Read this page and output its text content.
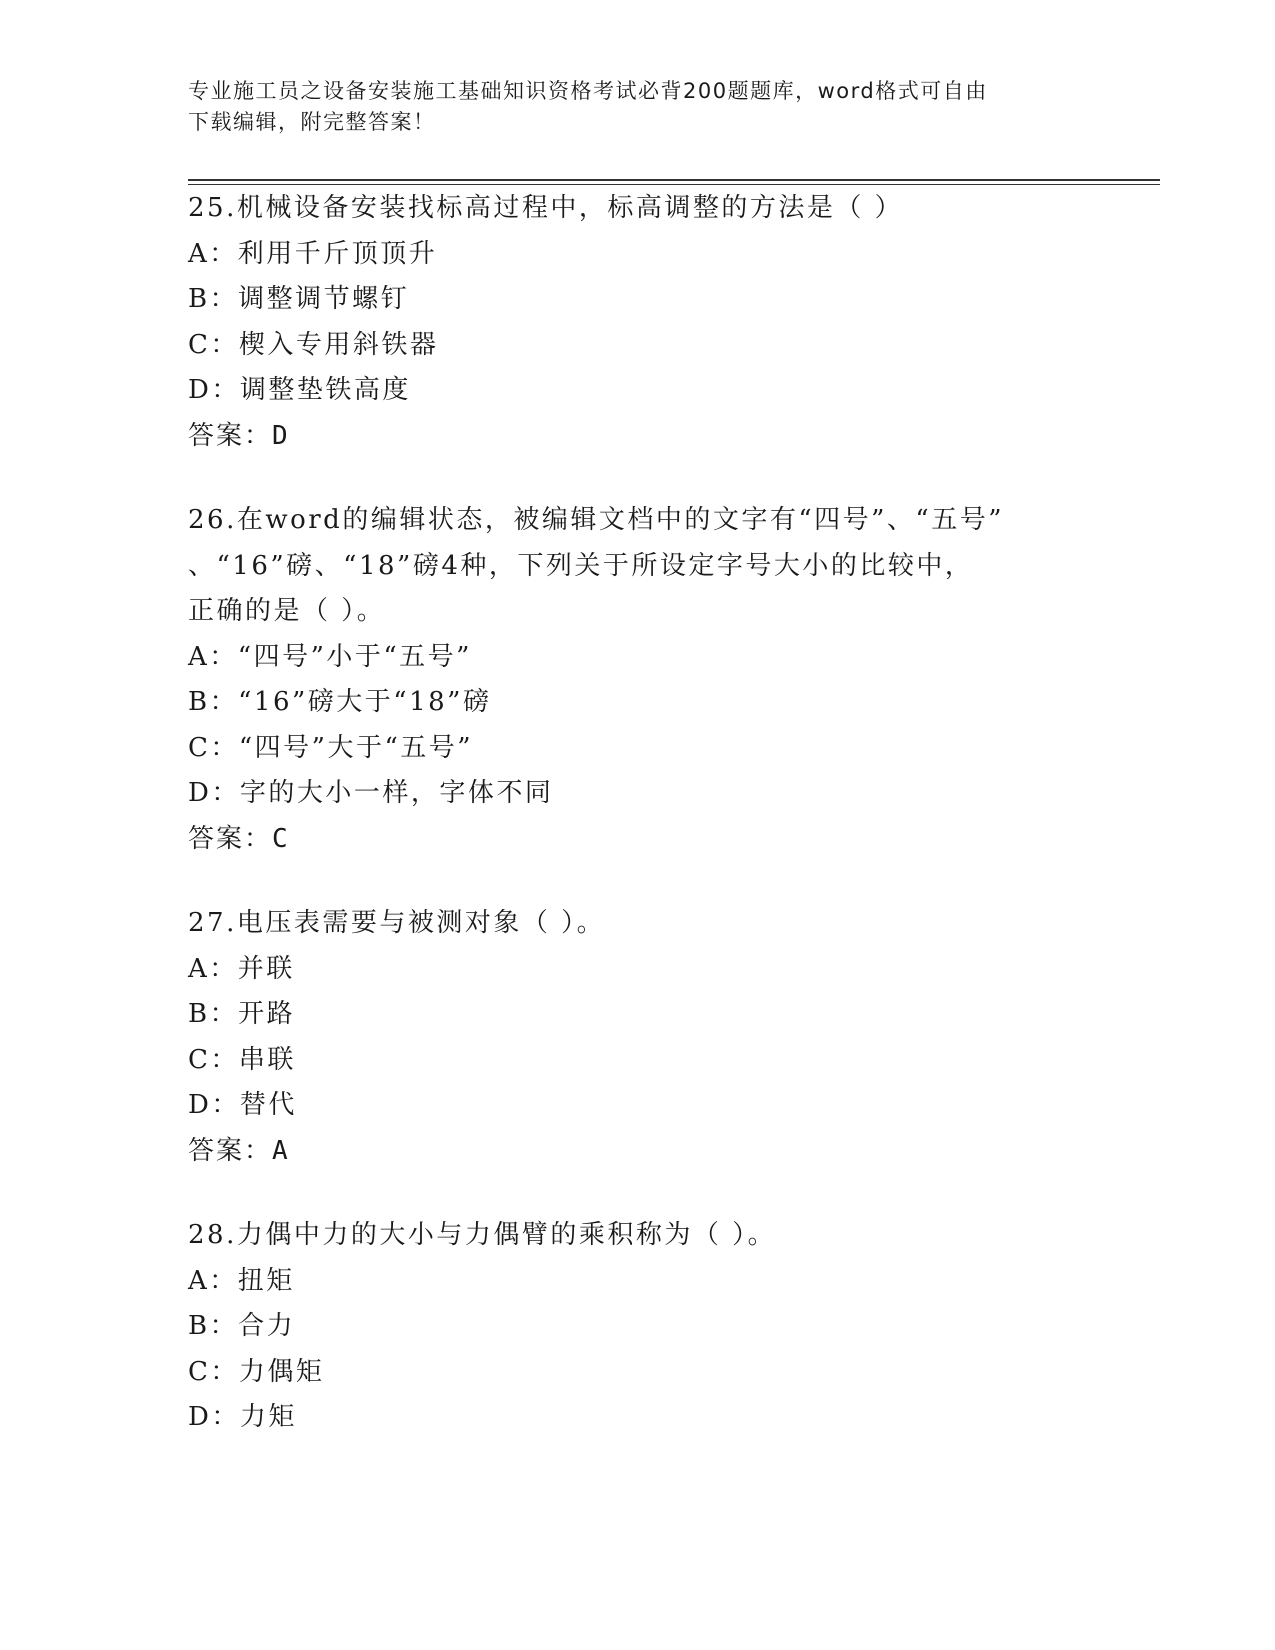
专业施工员之设备安装施工基础知识资格考试必背200题题库，word格式可自由
下载编辑，附完整答案！
25.机械设备安装找标高过程中，标高调整的方法是（ ）
A：利用千斤顶顶升
B：调整调节螺钉
C：楔入专用斜铁器
D：调整垫铁高度
答案：D
26.在word的编辑状态，被编辑文档中的文字有“四号”、“五号”
、“16”磅、“18”磅4种，下列关于所设定字号大小的比较中，
正确的是（ ）。
A：“四号”小于“五号”
B：“16”磅大于“18”磅
C：“四号”大于“五号”
D：字的大小一样，字体不同
答案：C
27.电压表需要与被测对象（ ）。
A：并联
B：开路
C：串联
D：替代
答案：A
28.力偶中力的大小与力偶臂的乘积称为（ ）。
A：扭矩
B：合力
C：力偶矩
D：力矩
